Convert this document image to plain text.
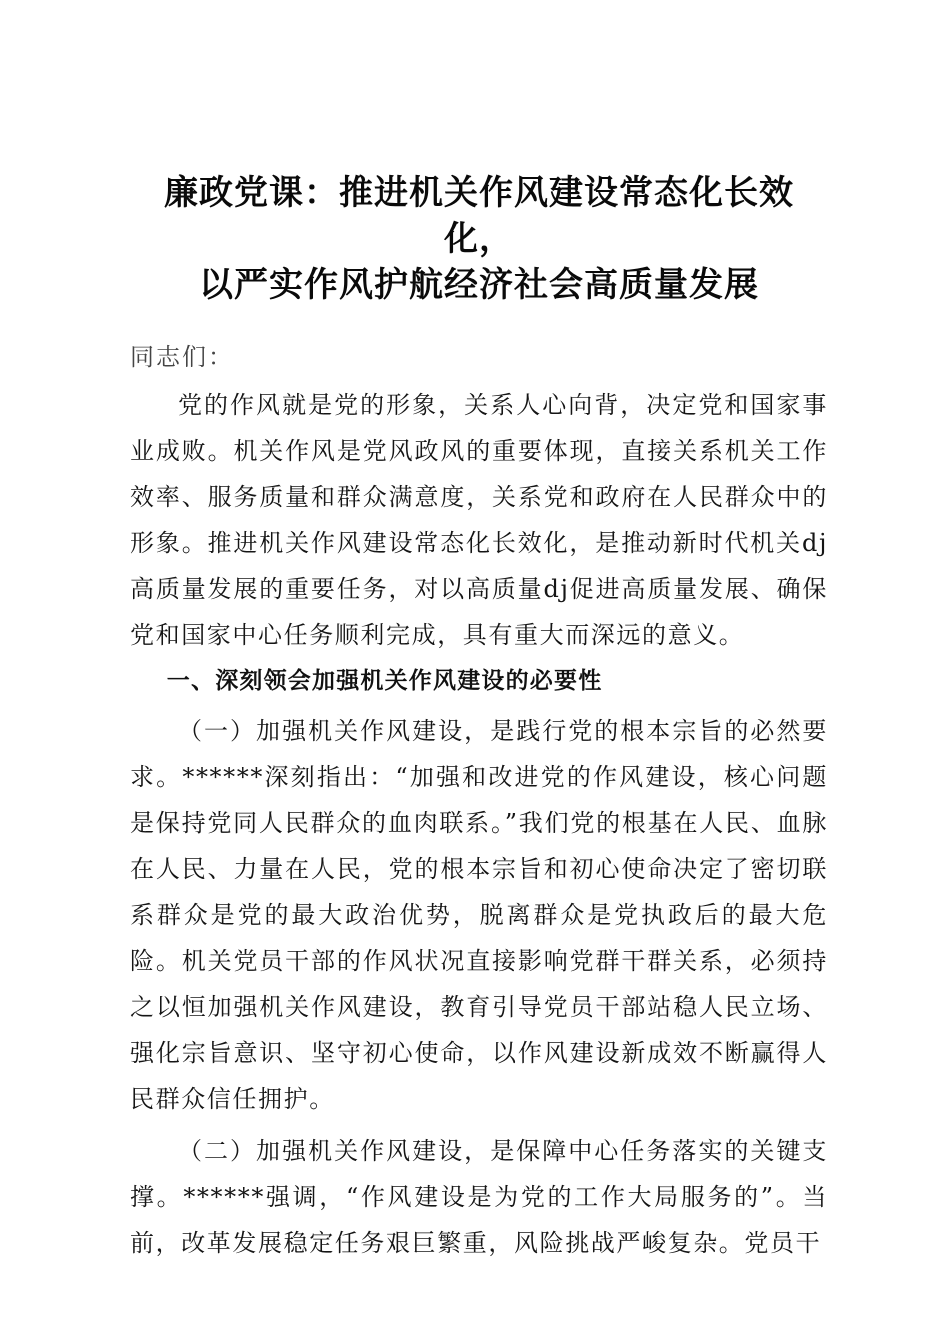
廉政党课：推进机关作风建设常态化长效化，
以严实作风护航经济社会高质量发展

同志们：

党的作风就是党的形象，关系人心向背，决定党和国家事业成败。机关作风是党风政风的重要体现，直接关系机关工作效率、服务质量和群众满意度，关系党和政府在人民群众中的形象。推进机关作风建设常态化长效化，是推动新时代机关dj高质量发展的重要任务，对以高质量dj促进高质量发展、确保党和国家中心任务顺利完成，具有重大而深远的意义。

一、深刻领会加强机关作风建设的必要性

（一）加强机关作风建设，是践行党的根本宗旨的必然要求。******深刻指出：“加强和改进党的作风建设，核心问题是保持党同人民群众的血肉联系。”我们党的根基在人民、血脉在人民、力量在人民，党的根本宗旨和初心使命决定了密切联系群众是党的最大政治优势，脱离群众是党执政后的最大危险。机关党员干部的作风状况直接影响党群干群关系，必须持之以恒加强机关作风建设，教育引导党员干部站稳人民立场、强化宗旨意识、坚守初心使命，以作风建设新成效不断赢得人民群众信任拥护。

（二）加强机关作风建设，是保障中心任务落实的关键支撑。******强调，“作风建设是为党的工作大局服务的”。当前，改革发展稳定任务艰巨繁重，风险挑战严峻复杂。党员干
